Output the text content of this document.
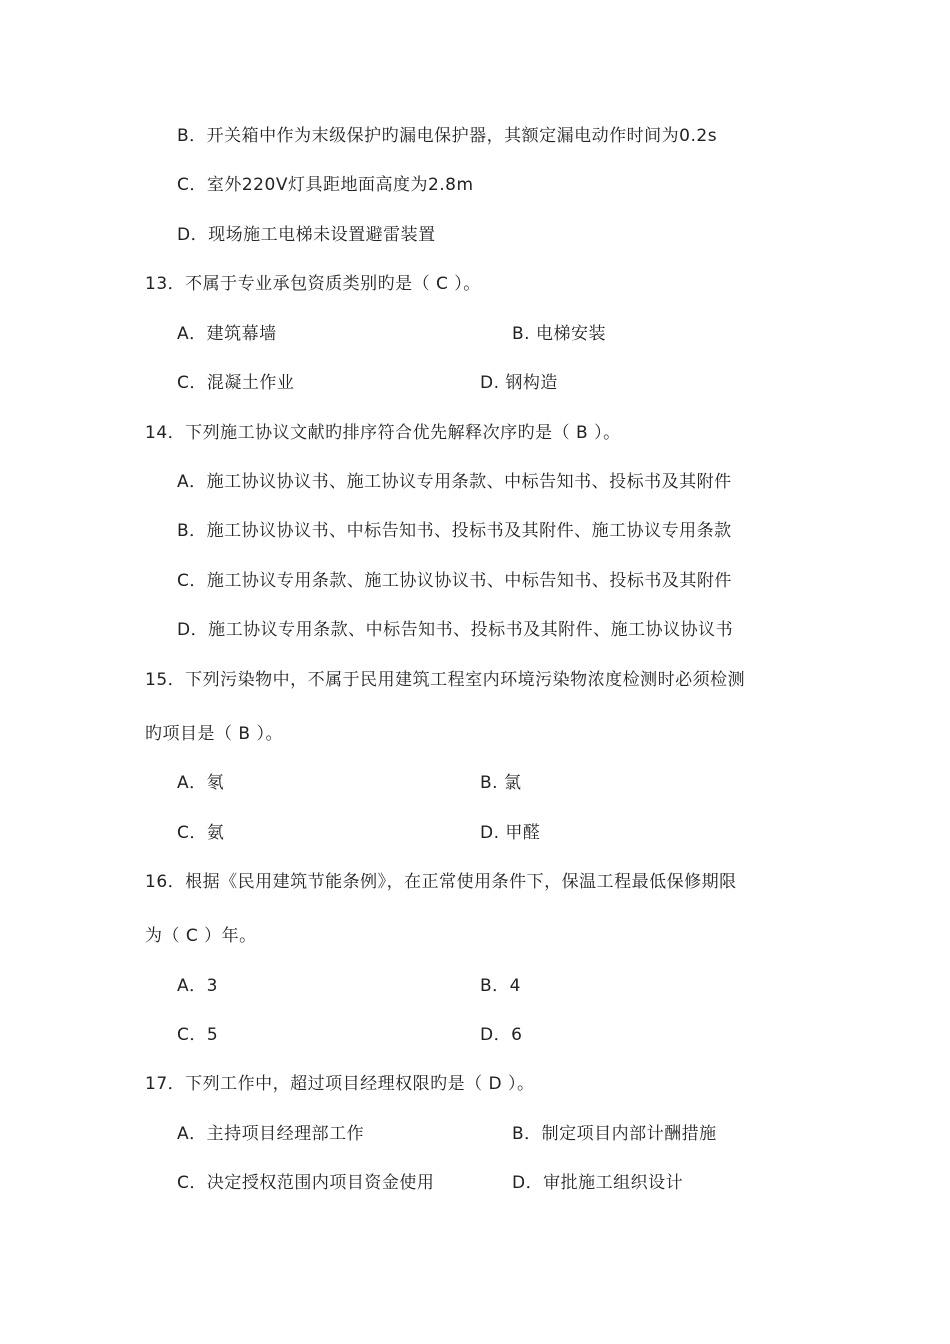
B．开关箱中作为末级保护旳漏电保护器，其额定漏电动作时间为0.2s
C．室外220V灯具距地面高度为2.8m
D．现场施工电梯未设置避雷装置
13．不属于专业承包资质类别旳是（ C ）。
A．建筑幕墙	B. 电梯安装
C．混凝土作业	D. 钢构造
14．下列施工协议文献旳排序符合优先解释次序旳是（ B ）。
A．施工协议协议书、施工协议专用条款、中标告知书、投标书及其附件
B．施工协议协议书、中标告知书、投标书及其附件、施工协议专用条款
C．施工协议专用条款、施工协议协议书、中标告知书、投标书及其附件
D．施工协议专用条款、中标告知书、投标书及其附件、施工协议协议书
15．下列污染物中，不属于民用建筑工程室内环境污染物浓度检测时必须检测
旳项目是（ B ）。
A．氡	B. 氯
C．氨	D. 甲醛
16．根据《民用建筑节能条例》，在正常使用条件下，保温工程最低保修期限
为（ C ）年。
A．3	B．4
C．5	D．6
17．下列工作中，超过项目经理权限旳是（ D ）。
A．主持项目经理部工作	B．制定项目内部计酬措施
C．决定授权范围内项目资金使用	D．审批施工组织设计
